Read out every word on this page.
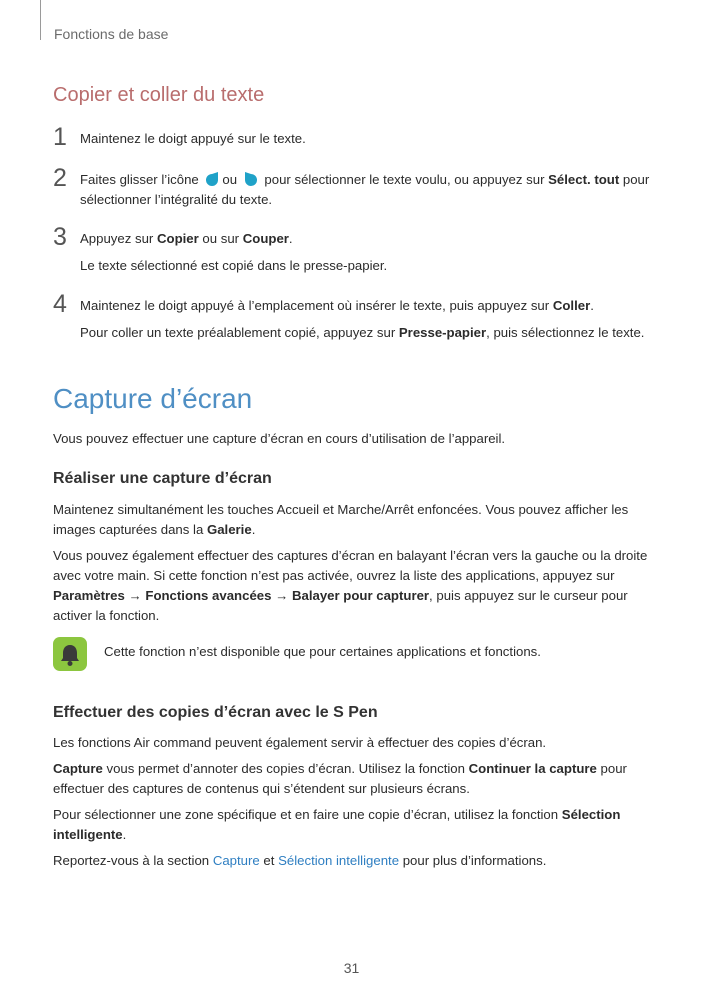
Fonctions de base
Copier et coller du texte
1 Maintenez le doigt appuyé sur le texte.

2 Faites glisser l’icône ou pour sélectionner le texte voulu, ou appuyez sur Sélect. tout pour

sélectionner l’intégralité du texte.

3 Appuyez sur Copier ou sur Couper.

Le texte sélectionné est copié dans le presse-papier.

4 Maintenez le doigt appuyé à l’emplacement où insérer le texte, puis appuyez sur Coller.

Pour coller un texte préalablement copié, appuyez sur Presse-papier, puis sélectionnez le texte.

Capture d’écran

Vous pouvez effectuer une capture d’écran en cours d’utilisation de l’appareil.

Réaliser une capture d’écran

Maintenez simultanément les touches Accueil et Marche/Arrêt enfoncées. Vous pouvez afficher les images capturées dans la Galerie.

Vous pouvez également effectuer des captures d’écran en balayant l’écran vers la gauche ou la droite avec votre main. Si cette fonction n’est pas activée, ouvrez la liste des applications, appuyez sur Paramètres → Fonctions avancées → Balayer pour capturer, puis appuyez sur le curseur pour activer la fonction.

Cette fonction n’est disponible que pour certaines applications et fonctions.
Effectuer des copies d’écran avec le S Pen

Les fonctions Air command peuvent également servir à effectuer des copies d’écran.

Capture vous permet d’annoter des copies d’écran. Utilisez la fonction Continuer la capture pour effectuer des captures de contenus qui s’étendent sur plusieurs écrans.

Pour sélectionner une zone spécifique et en faire une copie d’écran, utilisez la fonction Sélection intelligente.

Reportez-vous à la section Capture et Sélection intelligente pour plus d’informations.

31
